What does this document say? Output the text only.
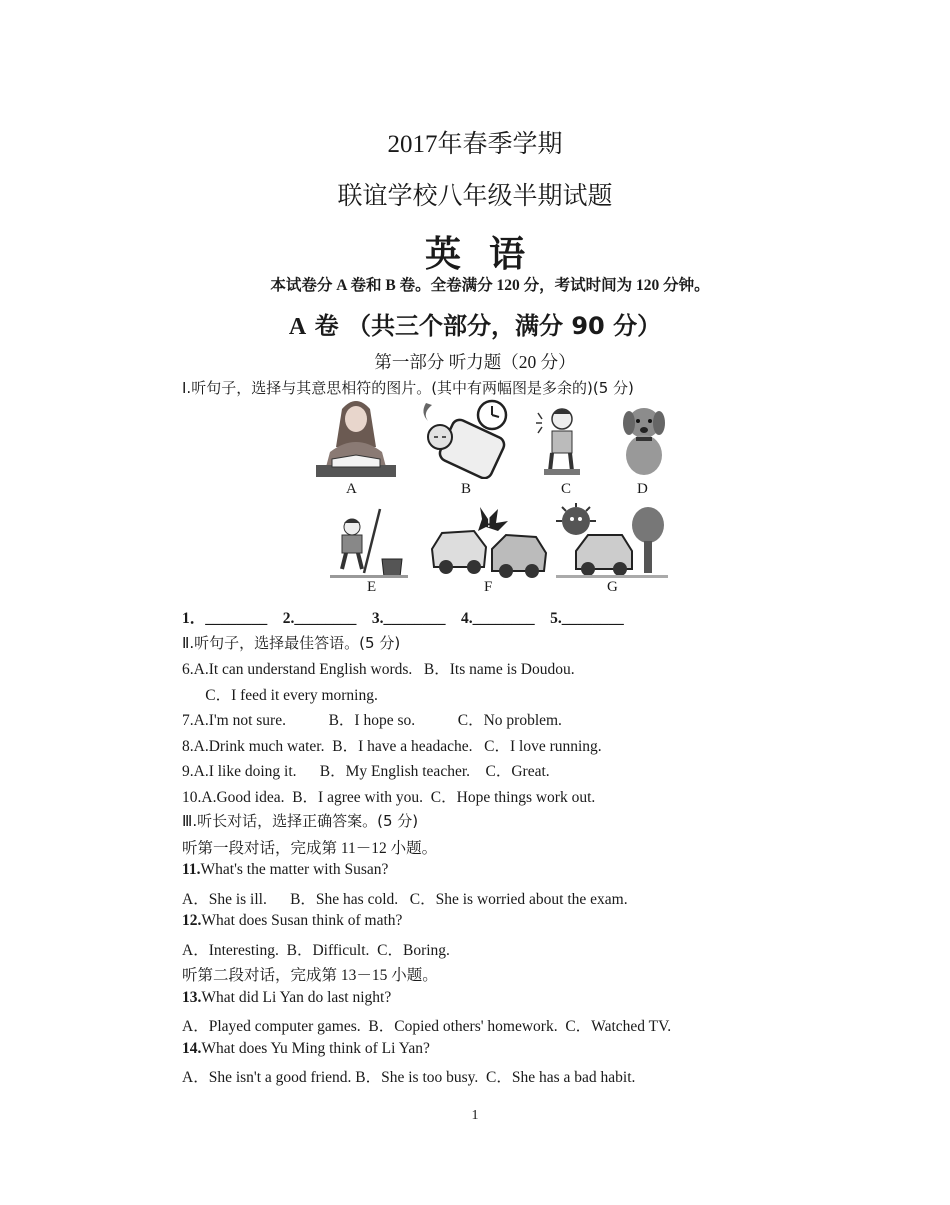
2017年春季学期
联谊学校八年级半期试题
英语
本试卷分 A 卷和 B 卷。全卷满分 120 分，考试时间为 120 分钟。
A 卷 （共三个部分，满分 90 分）
第一部分 听力题（20 分）
Ⅰ.听句子，选择与其意思相符的图片。(其中有两幅图是多余的)(5 分)
A	B	C	D
E
!
F	G
1．________    2.________    3.________    4.________    5.________
Ⅱ.听句子，选择最佳答语。(5 分)
6.A.It can understand English words.   B．Its name is Doudou.
C．I feed it every morning.
7.A.I'm not sure.           B．I hope so.           C．No problem.
8.A.Drink much water.  B．I have a headache.   C．I love running.
9.A.I like doing it.      B．My English teacher.    C．Great.
10.A.Good idea.  B．I agree with you.  C．Hope things work out.
Ⅲ.听长对话，选择正确答案。(5 分)
听第一段对话，完成第 11－12 小题。
11.What's the matter with Susan?
A．She is ill.      B．She has cold.   C．She is worried about the exam.
12.What does Susan think of math?
A．Interesting.  B．Difficult.  C．Boring.
听第二段对话，完成第 13－15 小题。
13.What did Li Yan do last night?
A．Played computer games.  B．Copied others' homework.  C．Watched TV.
14.What does Yu Ming think of Li Yan?
A．She isn't a good friend. B．She is too busy.  C．She has a bad habit.
1
